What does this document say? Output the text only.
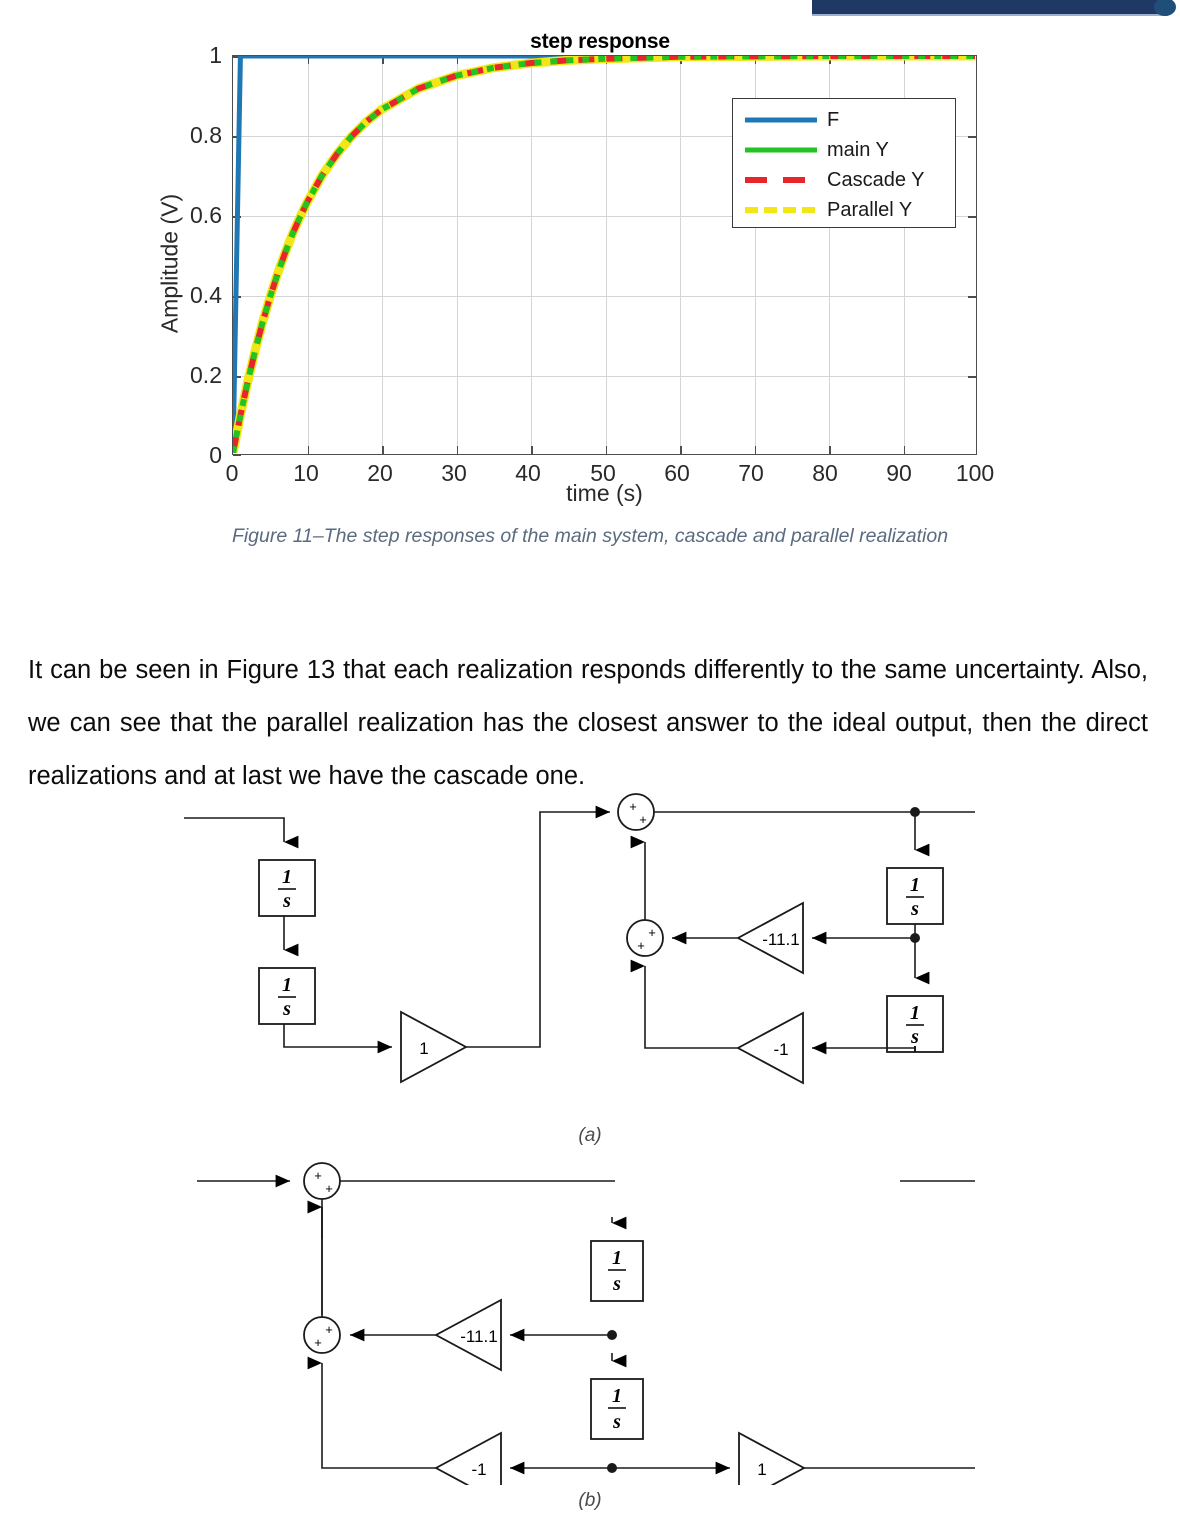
step response
Amplitude (V)
time (s)
1
0.8
0.6
0.4
0.2
0
0	10	20	30	40	50	60	70	80	90	100
F
main Y
Cascade Y
Parallel Y
Figure 11–The step responses of the main system, cascade and parallel realization

It can be seen in Figure 13 that each realization responds differently to the same uncertainty. Also, we can see that the parallel realization has the closest answer to the ideal output, then the direct realizations and at last we have the cascade one.

1
s
1
s
1
s
1
s
1
-11.1
-1
+
+
+
+
(a)
1
s
1
s
-11.1
-1	1
+
+
+
+
(b)
